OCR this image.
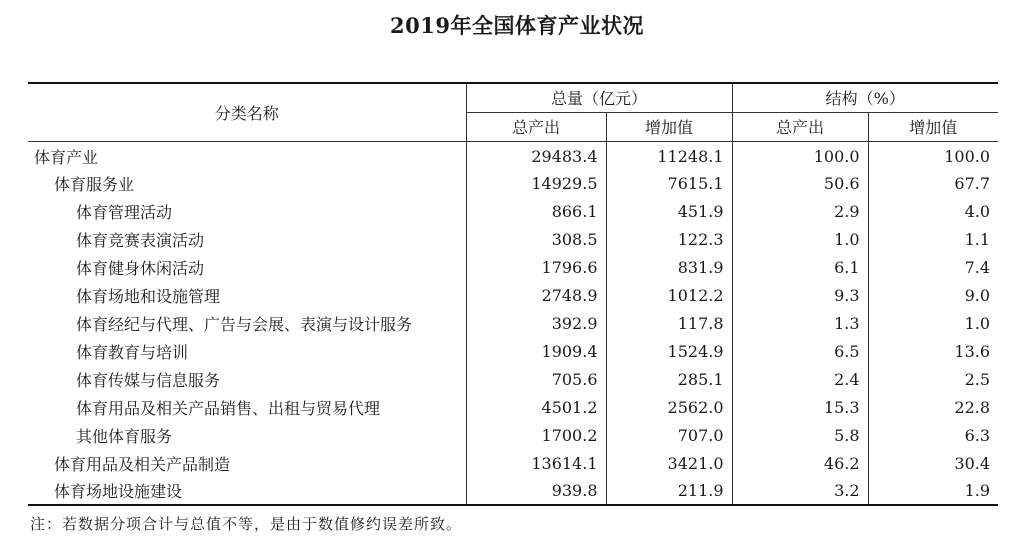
2019年全国体育产业状况
分类名称	总量（亿元）		结构（%）	
	总产出	增加值	总产出	增加值
体育产业	29483.4	11248.1	100.0	100.0
体育服务业	14929.5	7615.1	50.6	67.7
体育管理活动	866.1	451.9	2.9	4.0
体育竞赛表演活动	308.5	122.3	1.0	1.1
体育健身休闲活动	1796.6	831.9	6.1	7.4
体育场地和设施管理	2748.9	1012.2	9.3	9.0
体育经纪与代理、广告与会展、表演与设计服务	392.9	117.8	1.3	1.0
体育教育与培训	1909.4	1524.9	6.5	13.6
体育传媒与信息服务	705.6	285.1	2.4	2.5
体育用品及相关产品销售、出租与贸易代理	4501.2	2562.0	15.3	22.8
其他体育服务	1700.2	707.0	5.8	6.3
体育用品及相关产品制造	13614.1	3421.0	46.2	30.4
体育场地设施建设	939.8	211.9	3.2	1.9
注：若数据分项合计与总值不等，是由于数值修约误差所致。
